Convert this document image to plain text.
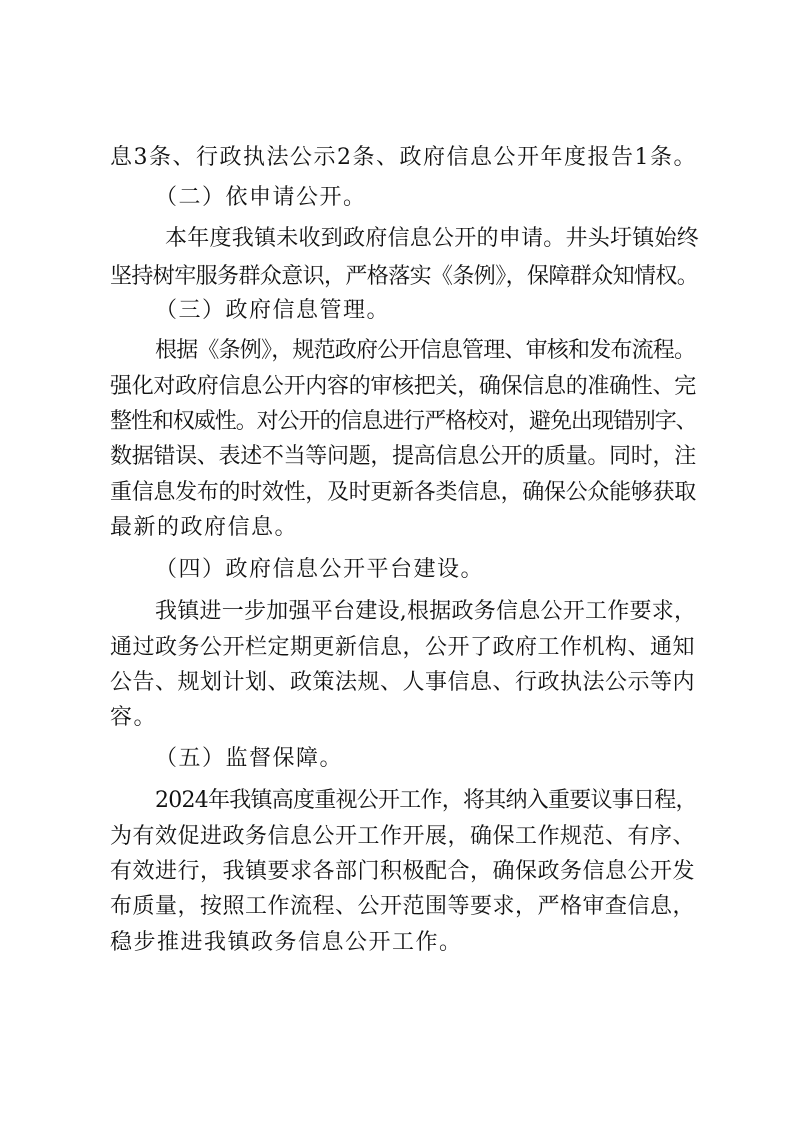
息3条、行政执法公示2条、政府信息公开年度报告1条。
（二）依申请公开。
本年度我镇未收到政府信息公开的申请。井头圩镇始终
坚持树牢服务群众意识，严格落实《条例》，保障群众知情权。
（三）政府信息管理。
根据《条例》，规范政府公开信息管理、审核和发布流程。
强化对政府信息公开内容的审核把关，确保信息的准确性、完
整性和权威性。对公开的信息进行严格校对，避免出现错别字、
数据错误、表述不当等问题，提高信息公开的质量。同时，注
重信息发布的时效性，及时更新各类信息，确保公众能够获取
最新的政府信息。
（四）政府信息公开平台建设。
我镇进一步加强平台建设,根据政务信息公开工作要求，
通过政务公开栏定期更新信息，公开了政府工作机构、通知
公告、规划计划、政策法规、人事信息、行政执法公示等内
容。
（五）监督保障。
2024年我镇高度重视公开工作，将其纳入重要议事日程，
为有效促进政务信息公开工作开展，确保工作规范、有序、
有效进行，我镇要求各部门积极配合，确保政务信息公开发
布质量，按照工作流程、公开范围等要求，严格审查信息，
稳步推进我镇政务信息公开工作。
